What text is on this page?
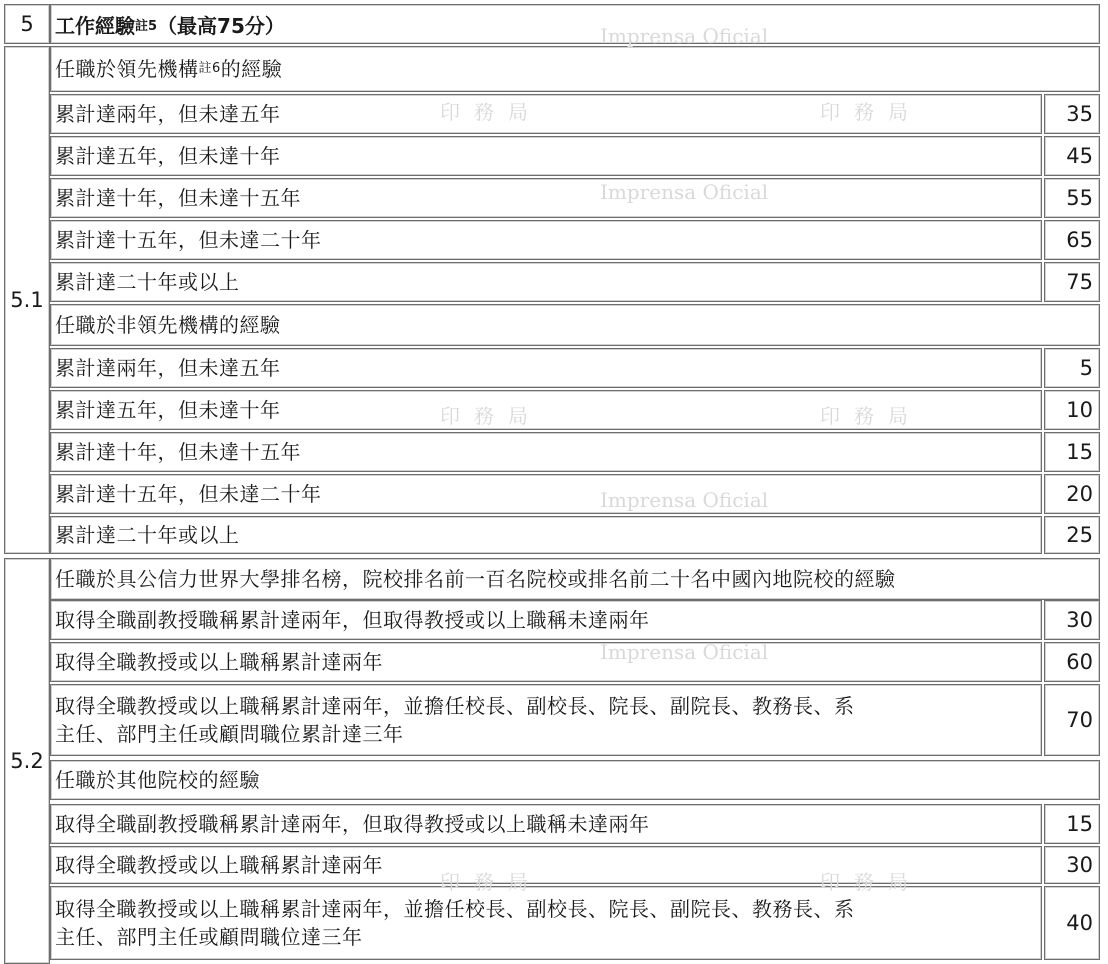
5 工作經驗 註5 （最高75分）
5.1
任職於領先機構 註6 的經驗
累計達兩年，但未達五年	35
累計達五年，但未達十年	45
累計達十年，但未達十五年	55
累計達十五年，但未達二十年	65
累計達二十年或以上	75
任職於非領先機構的經驗
累計達兩年，但未達五年	5
累計達五年，但未達十年	10
累計達十年，但未達十五年	15
累計達十五年，但未達二十年	20
累計達二十年或以上	25
5.2
任職於具公信力世界大學排名榜，院校排名前一百名院校或排名前二十名中國內地院校的經驗
取得全職副教授職稱累計達兩年，但取得教授或以上職稱未達兩年	30
取得全職教授或以上職稱累計達兩年	60
取得全職教授或以上職稱累計達兩年，並擔任校長、副校長、院長、副院長、教務長、系
主任、部門主任或顧問職位累計達三年
70
任職於其他院校的經驗
取得全職副教授職稱累計達兩年，但取得教授或以上職稱未達兩年	15
取得全職教授或以上職稱累計達兩年	30
取得全職教授或以上職稱累計達兩年，並擔任校長、副校長、院長、副院長、教務長、系
主任、部門主任或顧問職位達三年
40
Imprensa Oficial
Imprensa Oficial
Imprensa Oficial
Imprensa Oficial
印務局	印務局
印務局	印務局
印務局	印務局
